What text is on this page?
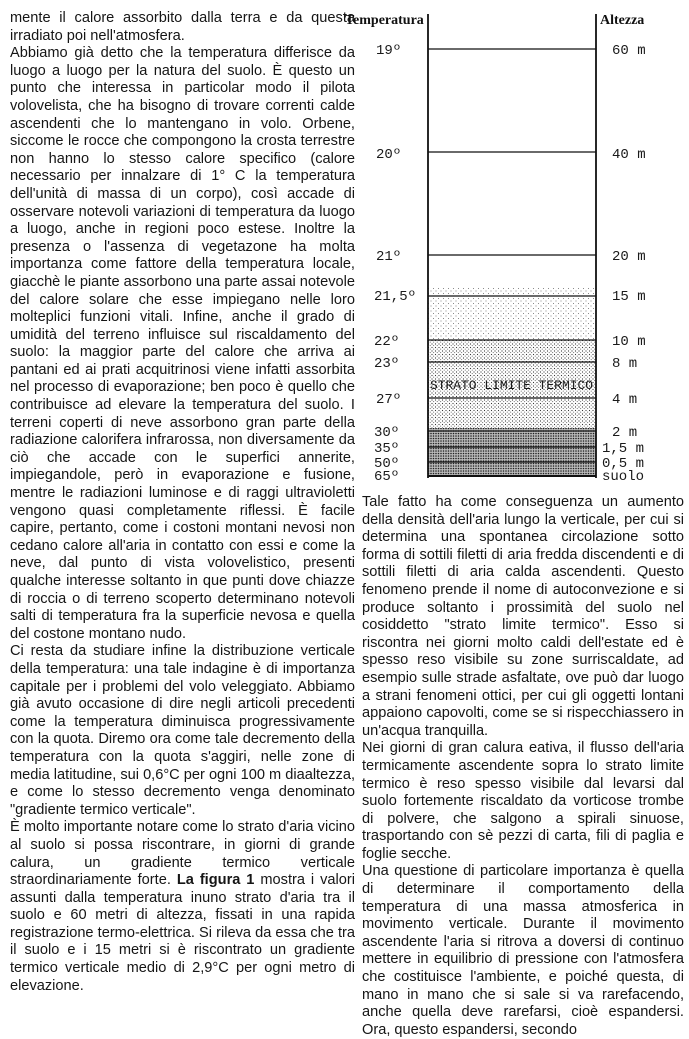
mente il calore assorbito dalla terra e da questa irradiato poi nell'atmosfera.

Abbiamo già detto che la temperatura differisce da luogo a luogo per la natura del suolo. È questo un punto che interessa in particolar modo il pilota volovelista, che ha bisogno di trovare correnti calde ascendenti che lo mantengano in volo. Orbene, siccome le rocce che compongono la crosta terrestre non hanno lo stesso calore specifico (calore necessario per innalzare di 1° C la temperatura dell'unità di massa di un corpo), così accade di osservare notevoli variazioni di temperatura da luogo a luogo, anche in regioni poco estese. Inoltre la presenza o l'assenza di vegetazone ha molta importanza come fattore della temperatura locale, giacchè le piante assorbono una parte assai notevole del calore solare che esse impiegano nelle loro molteplici funzioni vitali. Infine, anche il grado di umidità del terreno influisce sul riscaldamento del suolo: la maggior parte del calore che arriva ai pantani ed ai prati acquitrinosi viene infatti assorbita nel processo di evaporazione; ben poco è quello che contribuisce ad elevare la temperatura del suolo. I terreni coperti di neve assorbono gran parte della radiazione calorifera infrarossa, non diversamente da ciò che accade con le superfici annerite, impiegandole, però in evaporazione e fusione, mentre le radiazioni luminose e di raggi ultravioletti vengono quasi completamente riflessi. È facile capire, pertanto, come i costoni montani nevosi non cedano calore all'aria in contatto con essi e come la neve, dal punto di vista volovelistico, presenti qualche interesse soltanto in que punti dove chiazze di roccia o di terreno scoperto determinano notevoli salti di temperatura fra la superficie nevosa e quella del costone montano nudo.

Ci resta da studiare infine la distribuzione verticale della temperatura: una tale indagine è di importanza capitale per i problemi del volo veleggiato. Abbiamo già avuto occasione di dire negli articoli precedenti come la temperatura diminuisca progressivamente con la quota. Diremo ora come tale decremento della temperatura con la quota s'aggiri, nelle zone di media latitudine, sui 0,6°C per ogni 100 m diaaltezza, e come lo stesso decremento venga denominato "gradiente termico verticale".

È molto importante notare come lo strato d'aria vicino al suolo si possa riscontrare, in giorni di grande calura, un gradiente termico verticale straordinariamente forte. La figura 1 mostra i valori assunti dalla temperatura inuno strato d'aria tra il suolo e 60 metri di altezza, fissati in una rapida registrazione termo-elettrica. Si rileva da essa che tra il suolo e i 15 metri si è riscontrato un gradiente termico verticale medio di 2,9°C per ogni metro di elevazione.

Temperatura	Altezza
19º
20º
21º
21,5º
22º
23º
27º
30º
35º
50º
65º
60 m
40 m
20 m
15 m
10 m
8 m
4 m
2 m
1,5 m
0,5 m
suolo
STRATO LIMITE TERMICO

Tale fatto ha come conseguenza un aumento della densità dell'aria lungo la verticale, per cui si determina una spontanea circolazione sotto forma di sottili filetti di aria fredda discendenti e di sottili filetti di aria calda ascendenti. Questo fenomeno prende il nome di autoconvezione e si produce soltanto i prossimità del suolo nel cosiddetto "strato limite termico". Esso si riscontra nei giorni molto caldi dell'estate ed è spesso reso visibile su zone surriscaldate, ad esempio sulle strade asfaltate, ove può dar luogo a strani fenomeni ottici, per cui gli oggetti lontani appaiono capovolti, come se si rispecchiassero in un'acqua tranquilla.

Nei giorni di gran calura eativa, il flusso dell'aria termicamente ascendente sopra lo strato limite termico è reso spesso visibile dal levarsi dal suolo fortemente riscaldato da vorticose trombe di polvere, che salgono a spirali sinuose, trasportando con sè pezzi di carta, fili di paglia e foglie secche.

Una questione di particolare importanza è quella di determinare il comportamento della temperatura di una massa atmosferica in movimento verticale. Durante il movimento ascendente l'aria si ritrova a doversi di continuo mettere in equilibrio di pressione con l'atmosfera che costituisce l'ambiente, e poiché questa, di mano in mano che si sale si va rarefacendo, anche quella deve rarefarsi, cioè espandersi. Ora, questo espandersi, secondo
